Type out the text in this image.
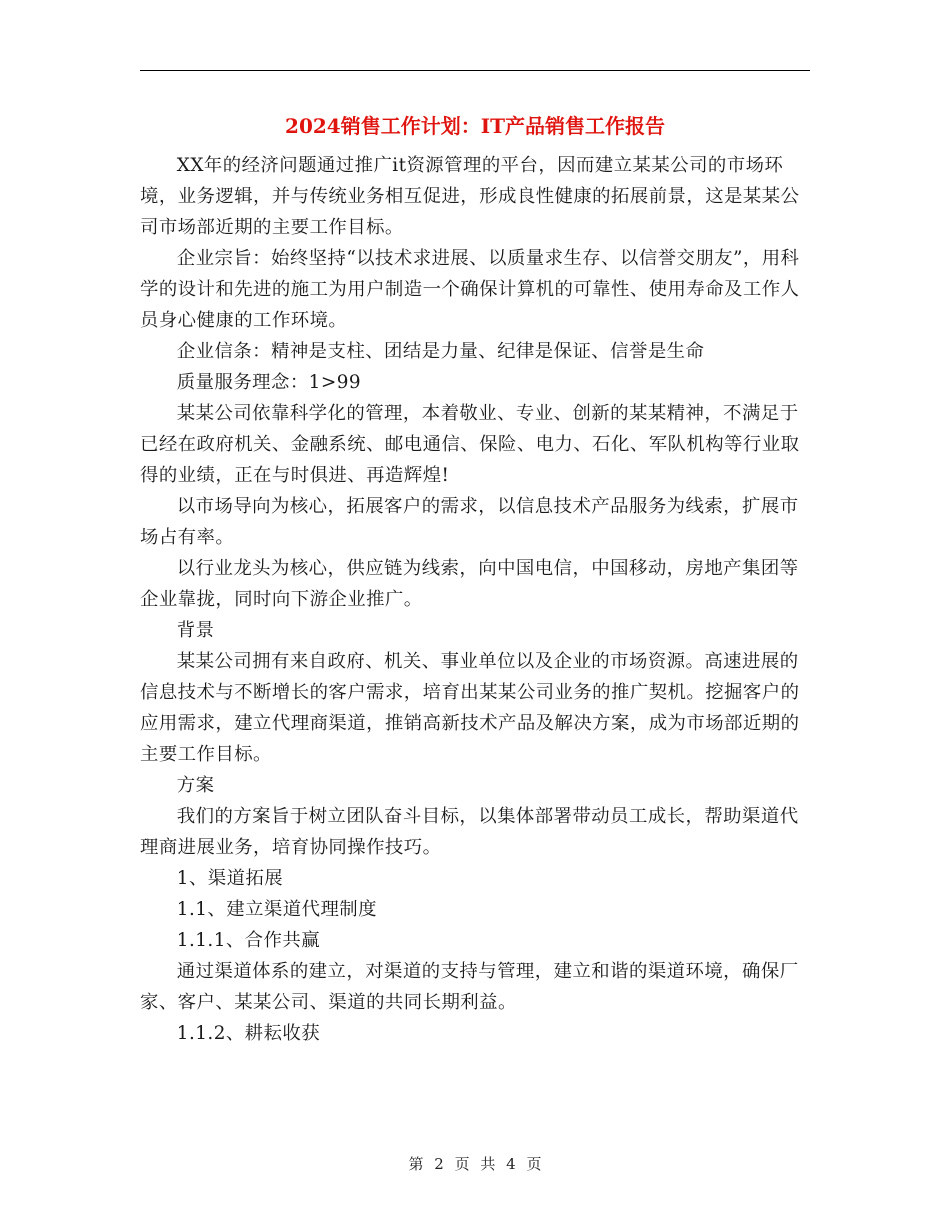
2024销售工作计划：IT产品销售工作报告

XX年的经济问题通过推广it资源管理的平台，因而建立某某公司的市场环境，业务逻辑，并与传统业务相互促进，形成良性健康的拓展前景，这是某某公司市场部近期的主要工作目标。

企业宗旨：始终坚持“以技术求进展、以质量求生存、以信誉交朋友”，用科学的设计和先进的施工为用户制造一个确保计算机的可靠性、使用寿命及工作人员身心健康的工作环境。

企业信条：精神是支柱、团结是力量、纪律是保证、信誉是生命

质量服务理念：1>99

某某公司依靠科学化的管理，本着敬业、专业、创新的某某精神，不满足于已经在政府机关、金融系统、邮电通信、保险、电力、石化、军队机构等行业取得的业绩，正在与时俱进、再造辉煌!

以市场导向为核心，拓展客户的需求，以信息技术产品服务为线索，扩展市场占有率。

以行业龙头为核心，供应链为线索，向中国电信，中国移动，房地产集团等企业靠拢，同时向下游企业推广。

背景

某某公司拥有来自政府、机关、事业单位以及企业的市场资源。高速进展的信息技术与不断增长的客户需求，培育出某某公司业务的推广契机。挖掘客户的应用需求，建立代理商渠道，推销高新技术产品及解决方案，成为市场部近期的主要工作目标。

方案

我们的方案旨于树立团队奋斗目标，以集体部署带动员工成长，帮助渠道代理商进展业务，培育协同操作技巧。

1、渠道拓展

1.1、建立渠道代理制度

1.1.1、合作共赢

通过渠道体系的建立，对渠道的支持与管理，建立和谐的渠道环境，确保厂家、客户、某某公司、渠道的共同长期利益。

1.1.2、耕耘收获

第 2 页 共 4 页
